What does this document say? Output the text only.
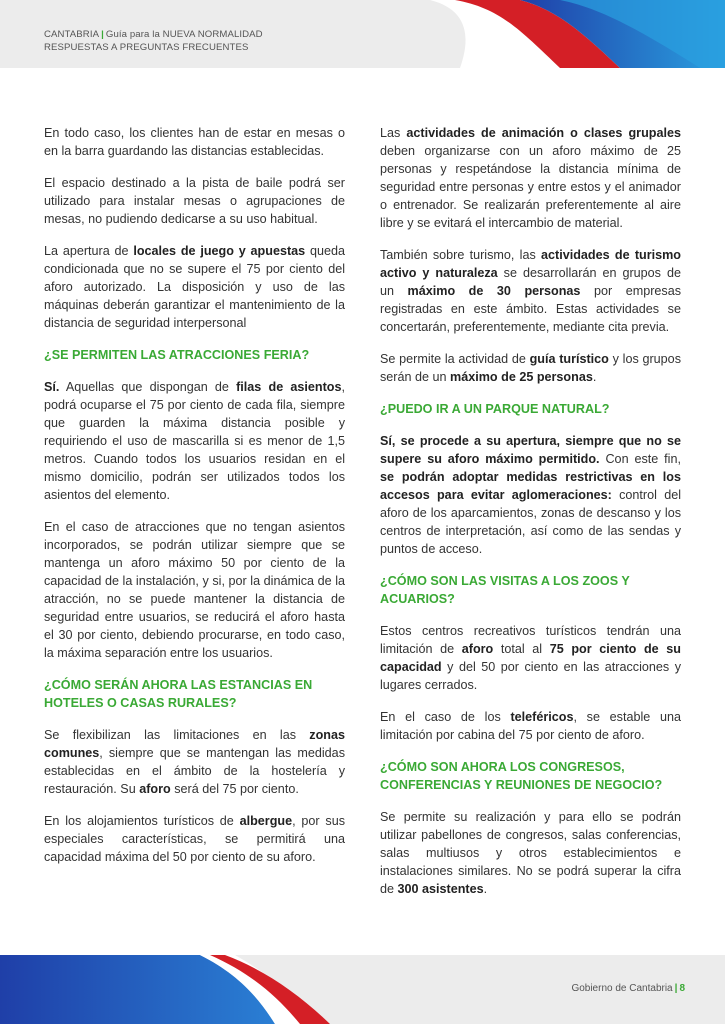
CANTABRIA | Guía para la NUEVA NORMALIDAD
RESPUESTAS A PREGUNTAS FRECUENTES

En todo caso, los clientes han de estar en mesas o en la barra guardando las distancias establecidas.

El espacio destinado a la pista de baile podrá ser utilizado para instalar mesas o agrupaciones de mesas, no pudiendo dedicarse a su uso habitual.

La apertura de locales de juego y apuestas queda condicionada que no se supere el 75 por ciento del aforo autorizado. La disposición y uso de las máquinas deberán garantizar el mantenimiento de la distancia de seguridad interpersonal

¿SE PERMITEN LAS ATRACCIONES FERIA?

Sí. Aquellas que dispongan de filas de asientos, podrá ocuparse el 75 por ciento de cada fila, siempre que guarden la máxima distancia posible y requiriendo el uso de mascarilla si es menor de 1,5 metros. Cuando todos los usuarios residan en el mismo domicilio, podrán ser utilizados todos los asientos del elemento.

En el caso de atracciones que no tengan asientos incorporados, se podrán utilizar siempre que se mantenga un aforo máximo 50 por ciento de la capacidad de la instalación, y si, por la dinámica de la atracción, no se puede mantener la distancia de seguridad entre usuarios, se reducirá el aforo hasta el 30 por ciento, debiendo procurarse, en todo caso, la máxima separación entre los usuarios.

¿CÓMO SERÁN AHORA LAS ESTANCIAS EN HOTELES O CASAS RURALES?

Se flexibilizan las limitaciones en las zonas comunes, siempre que se mantengan las medidas establecidas en el ámbito de la hostelería y restauración. Su aforo será del 75 por ciento.

En los alojamientos turísticos de albergue, por sus especiales características, se permitirá una capacidad máxima del 50 por ciento de su aforo.

Las actividades de animación o clases grupales deben organizarse con un aforo máximo de 25 personas y respetándose la distancia mínima de seguridad entre personas y entre estos y el animador o entrenador. Se realizarán preferentemente al aire libre y se evitará el intercambio de material.

También sobre turismo, las actividades de turismo activo y naturaleza se desarrollarán en grupos de un máximo de 30 personas por empresas registradas en este ámbito. Estas actividades se concertarán, preferentemente, mediante cita previa.

Se permite la actividad de guía turístico y los grupos serán de un máximo de 25 personas.

¿PUEDO IR A UN PARQUE NATURAL?

Sí, se procede a su apertura, siempre que no se supere su aforo máximo permitido. Con este fin, se podrán adoptar medidas restrictivas en los accesos para evitar aglomeraciones: control del aforo de los aparcamientos, zonas de descanso y los centros de interpretación, así como de las sendas y puntos de acceso.

¿CÓMO SON LAS VISITAS A LOS ZOOS Y ACUARIOS?

Estos centros recreativos turísticos tendrán una limitación de aforo total al 75 por ciento de su capacidad y del 50 por ciento en las atracciones y lugares cerrados.

En el caso de los teleféricos, se estable una limitación por cabina del 75 por ciento de aforo.

¿CÓMO SON AHORA LOS CONGRESOS, CONFERENCIAS Y REUNIONES DE NEGOCIO?

Se permite su realización y para ello se podrán utilizar pabellones de congresos, salas conferencias, salas multiusos y otros establecimientos e instalaciones similares. No se podrá superar la cifra de 300 asistentes.

Gobierno de Cantabria | 8
